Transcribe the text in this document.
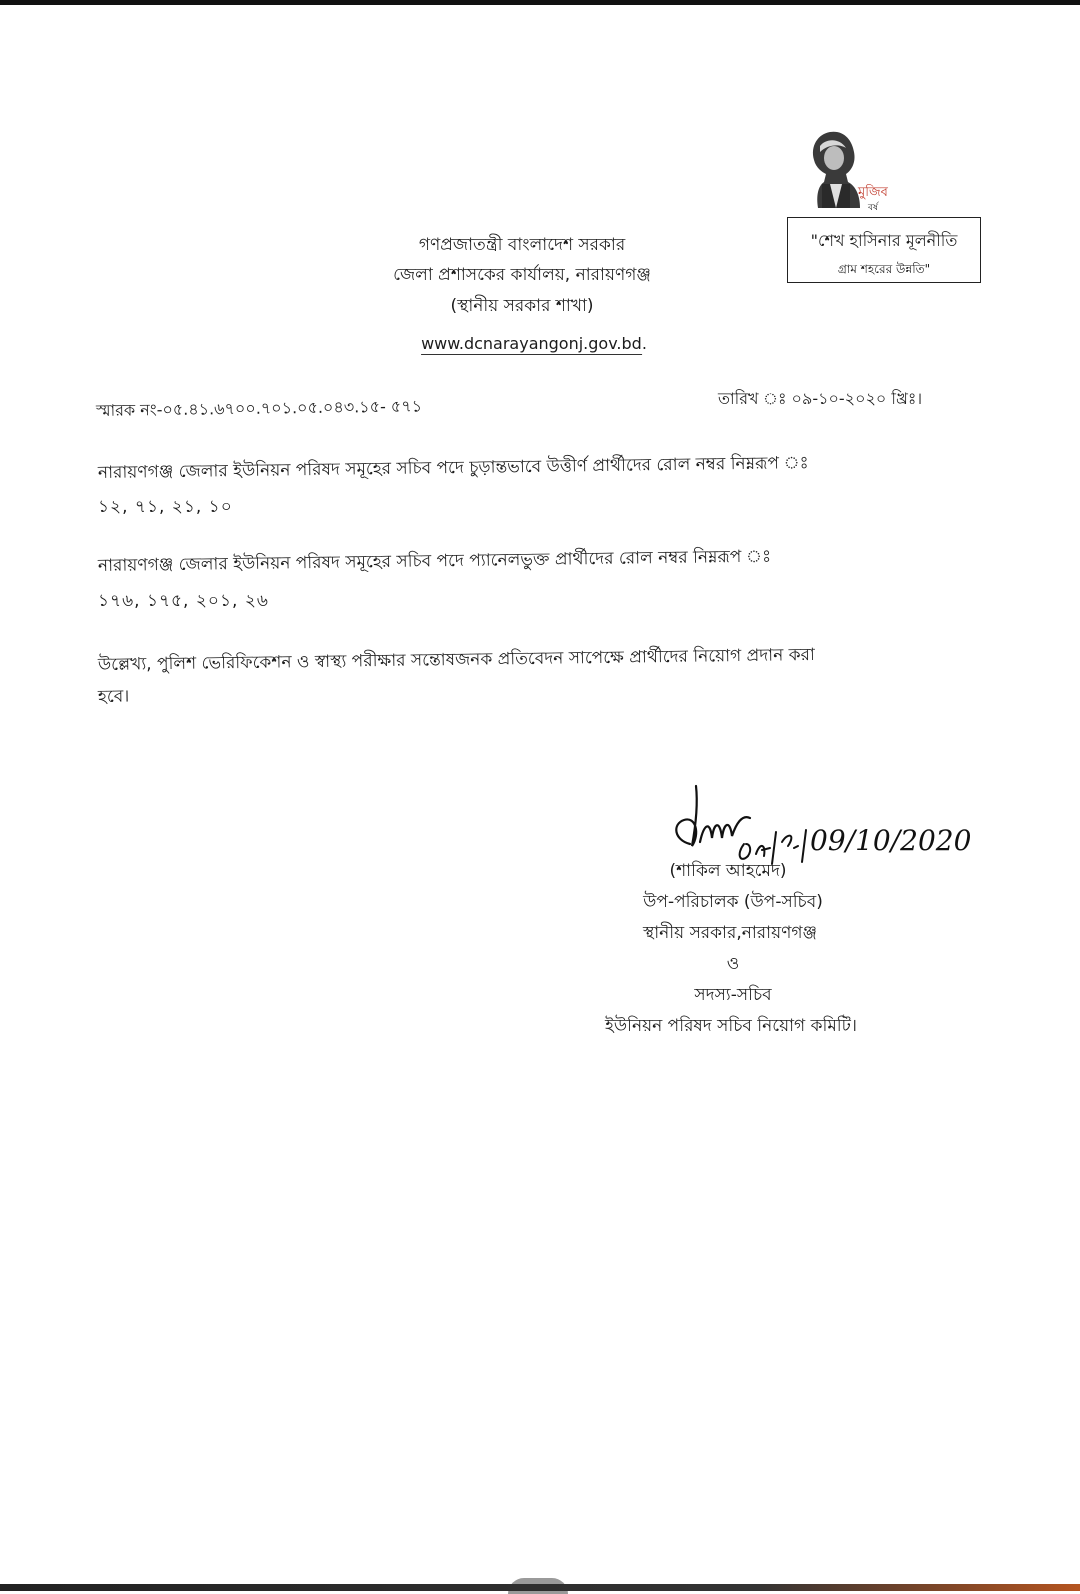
মুজিব
বর্ষ
"শেখ হাসিনার মূলনীতি
গ্রাম শহরের উন্নতি"
গণপ্রজাতন্ত্রী বাংলাদেশ সরকার
জেলা প্রশাসকের কার্যালয়, নারায়ণগঞ্জ
(স্থানীয় সরকার শাখা)
www.dcnarayangonj.gov.bd.
স্মারক নং-০৫.৪১.৬৭০০.৭০১.০৫.০৪৩.১৫- ৫৭১	তারিখ ঃ ০৯-১০-২০২০ খ্রিঃ।
নারায়ণগঞ্জ জেলার ইউনিয়ন পরিষদ সমূহের সচিব পদে চুড়ান্তভাবে উত্তীর্ণ প্রার্থীদের রোল নম্বর নিম্নরূপ ঃ
১২, ৭১, ২১, ১০
নারায়ণগঞ্জ জেলার ইউনিয়ন পরিষদ সমূহের সচিব পদে প্যানেলভুক্ত প্রার্থীদের রোল নম্বর নিম্নরূপ ঃ
১৭৬, ১৭৫, ২০১, ২৬
উল্লেখ্য, পুলিশ ভেরিফিকেশন ও স্বাস্থ্য পরীক্ষার সন্তোষজনক প্রতিবেদন সাপেক্ষে প্রার্থীদের নিয়োগ প্রদান করা
হবে।
09/10/2020
(শাকিল আহমেদ)
উপ-পরিচালক (উপ-সচিব)
স্থানীয় সরকার,নারায়ণগঞ্জ
ও
সদস্য-সচিব
ইউনিয়ন পরিষদ সচিব নিয়োগ কমিটি।
